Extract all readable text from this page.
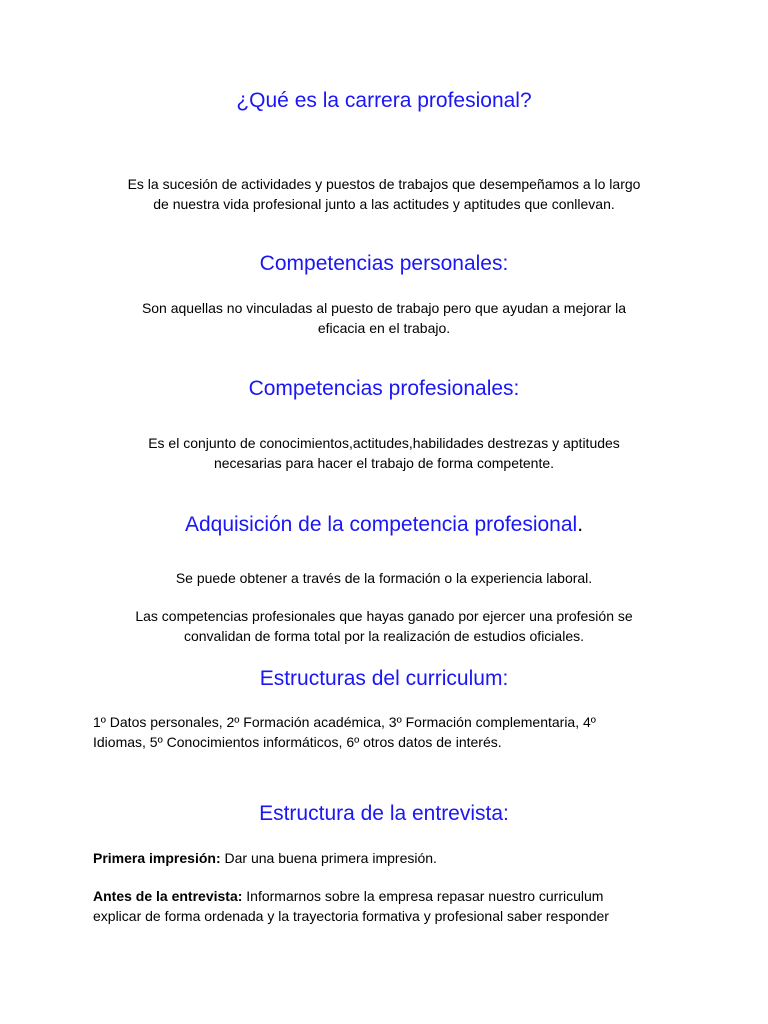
¿Qué es la carrera profesional?
Es la sucesión de actividades y puestos de trabajos que desempeñamos a lo largo
de nuestra vida profesional junto a las actitudes y aptitudes que conllevan.
Competencias personales:
Son aquellas no vinculadas al puesto de trabajo pero que ayudan a mejorar la
eficacia en el trabajo.
Competencias profesionales:
Es el conjunto de conocimientos,actitudes,habilidades destrezas y aptitudes
necesarias para hacer el trabajo de forma competente.
Adquisición de la competencia profesional.
Se puede obtener a través de la formación o la experiencia laboral.
Las competencias profesionales que hayas ganado por ejercer una profesión se
convalidan de forma total por la realización de estudios oficiales.
Estructuras del curriculum:
1º Datos personales, 2º Formación académica, 3º Formación complementaria, 4º
Idiomas, 5º Conocimientos informáticos, 6º otros datos de interés.
Estructura de la entrevista:
Primera impresión: Dar una buena primera impresión.
Antes de la entrevista: Informarnos sobre la empresa repasar nuestro curriculum
explicar de forma ordenada y la trayectoria formativa y profesional saber responder
